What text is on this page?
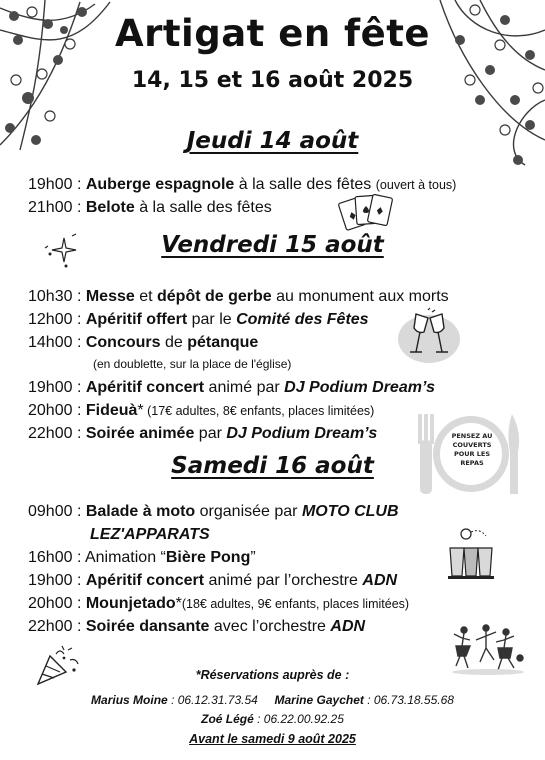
Artigat en fête
14, 15 et 16 août 2025
Jeudi 14 août
19h00 : Auberge espagnole à la salle des fêtes (ouvert à tous)
21h00 : Belote à la salle des fêtes
Vendredi 15 août
10h30 : Messe et dépôt de gerbe au monument aux morts
12h00 : Apéritif offert par le Comité des Fêtes
14h00 : Concours de pétanque
(en doublette, sur la place de l'église)
19h00 : Apéritif concert animé par DJ Podium Dream’s
20h00 : Fideuà* (17€ adultes, 8€ enfants, places limitées)
22h00 : Soirée animée par DJ Podium Dream’s	PENSEZ AU
COUVERTS
POUR LES
REPAS
Samedi 16 août
09h00 : Balade à moto organisée par MOTO CLUB
LEZ'APPARATS
16h00 : Animation “Bière Pong”
19h00 : Apéritif concert animé par l’orchestre ADN
20h00 : Mounjetado*(18€ adultes, 9€ enfants, places limitées)
22h00 : Soirée dansante avec l’orchestre ADN
*Réservations auprès de :
Marius Moine : 06.12.31.73.54 Marine Gaychet : 06.73.18.55.68
Zoé Légé : 06.22.00.92.25
Avant le samedi 9 août 2025
